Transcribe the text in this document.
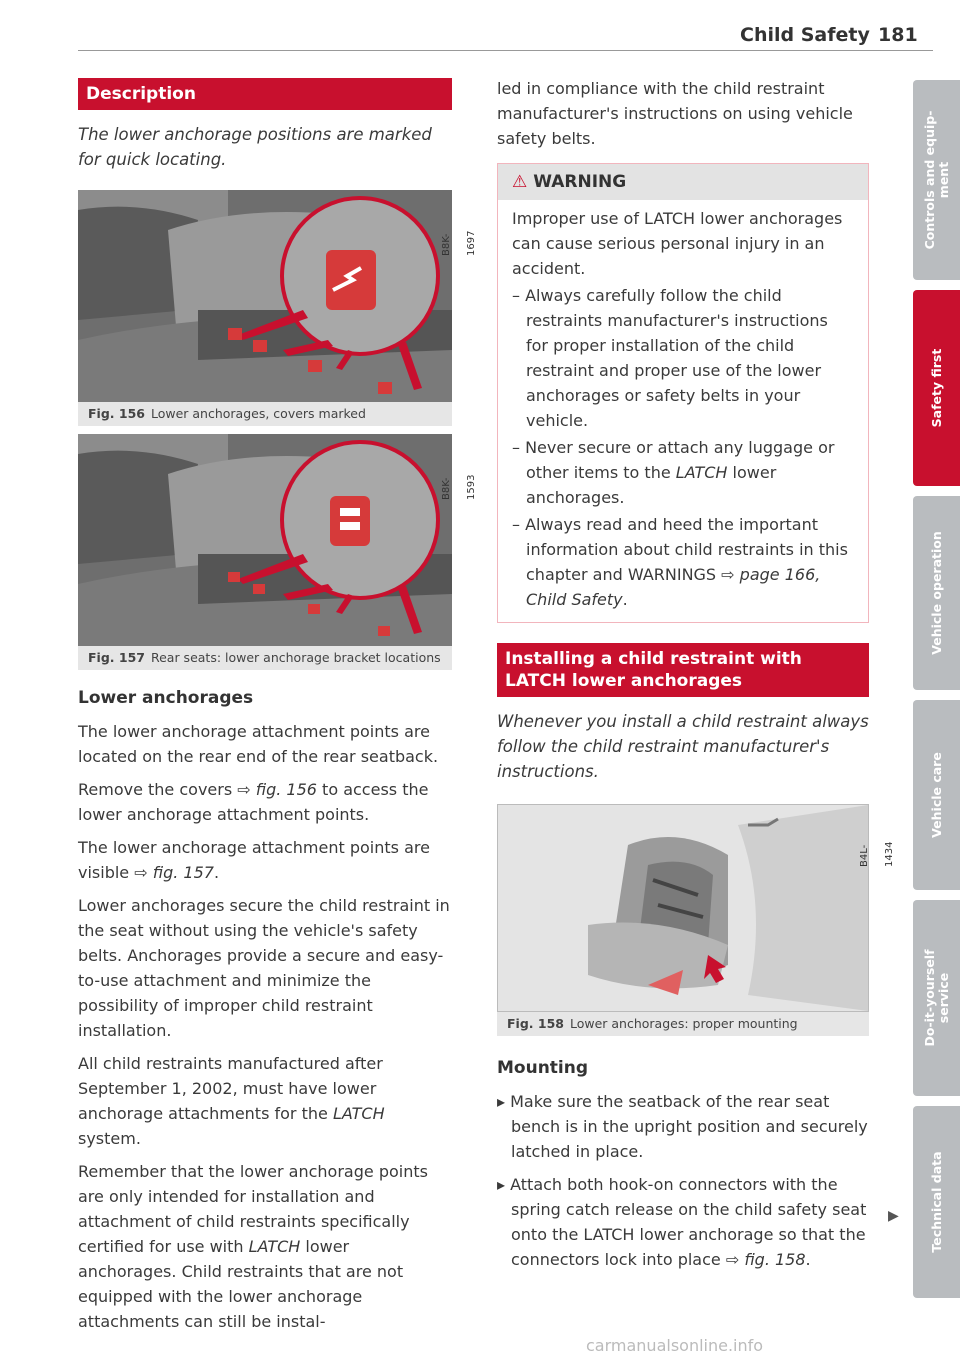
Child Safety 181
Description

The lower anchorage positions are marked for quick locating.

B8K-1697
Fig. 156 Lower anchorages, covers marked
B8K-1593
Fig. 157 Rear seats: lower anchorage bracket locations
Lower anchorages

The lower anchorage attachment points are located on the rear end of the rear seatback.

Remove the covers ⇨ fig. 156 to access the lower anchorage attachment points.

The lower anchorage attachment points are visible ⇨ fig. 157.

Lower anchorages secure the child restraint in the seat without using the vehicle's safety belts. Anchorages provide a secure and easy-to-use attachment and minimize the possibility of improper child restraint installation.

All child restraints manufactured after September 1, 2002, must have lower anchorage attachments for the LATCH system.

Remember that the lower anchorage points are only intended for installation and attachment of child restraints specifically certified for use with LATCH lower anchorages. Child restraints that are not equipped with the lower anchorage attachments can still be instal-

led in compliance with the child restraint manufacturer's instructions on using vehicle safety belts.

⚠ WARNING

Improper use of LATCH lower anchorages can cause serious personal injury in an accident.

– Always carefully follow the child restraints manufacturer's instructions for proper installation of the child restraint and proper use of the lower anchorages or safety belts in your vehicle.

– Never secure or attach any luggage or other items to the LATCH lower anchorages.

– Always read and heed the important information about child restraints in this chapter and WARNINGS ⇨ page 166, Child Safety.

Installing a child restraint with LATCH lower anchorages

Whenever you install a child restraint always follow the child restraint manufacturer's instructions.

B4L-1434
Fig. 158 Lower anchorages: proper mounting
Mounting

▸ Make sure the seatback of the rear seat bench is in the upright position and securely latched in place.

▸ Attach both hook-on connectors with the spring catch release on the child safety seat onto the LATCH lower anchorage so that the connectors lock into place ⇨ fig. 158.

▶
Controls and equip-
ment
Safety first
Vehicle operation
Vehicle care
Do-it-yourself
service
Technical data
carmanualsonline.info
